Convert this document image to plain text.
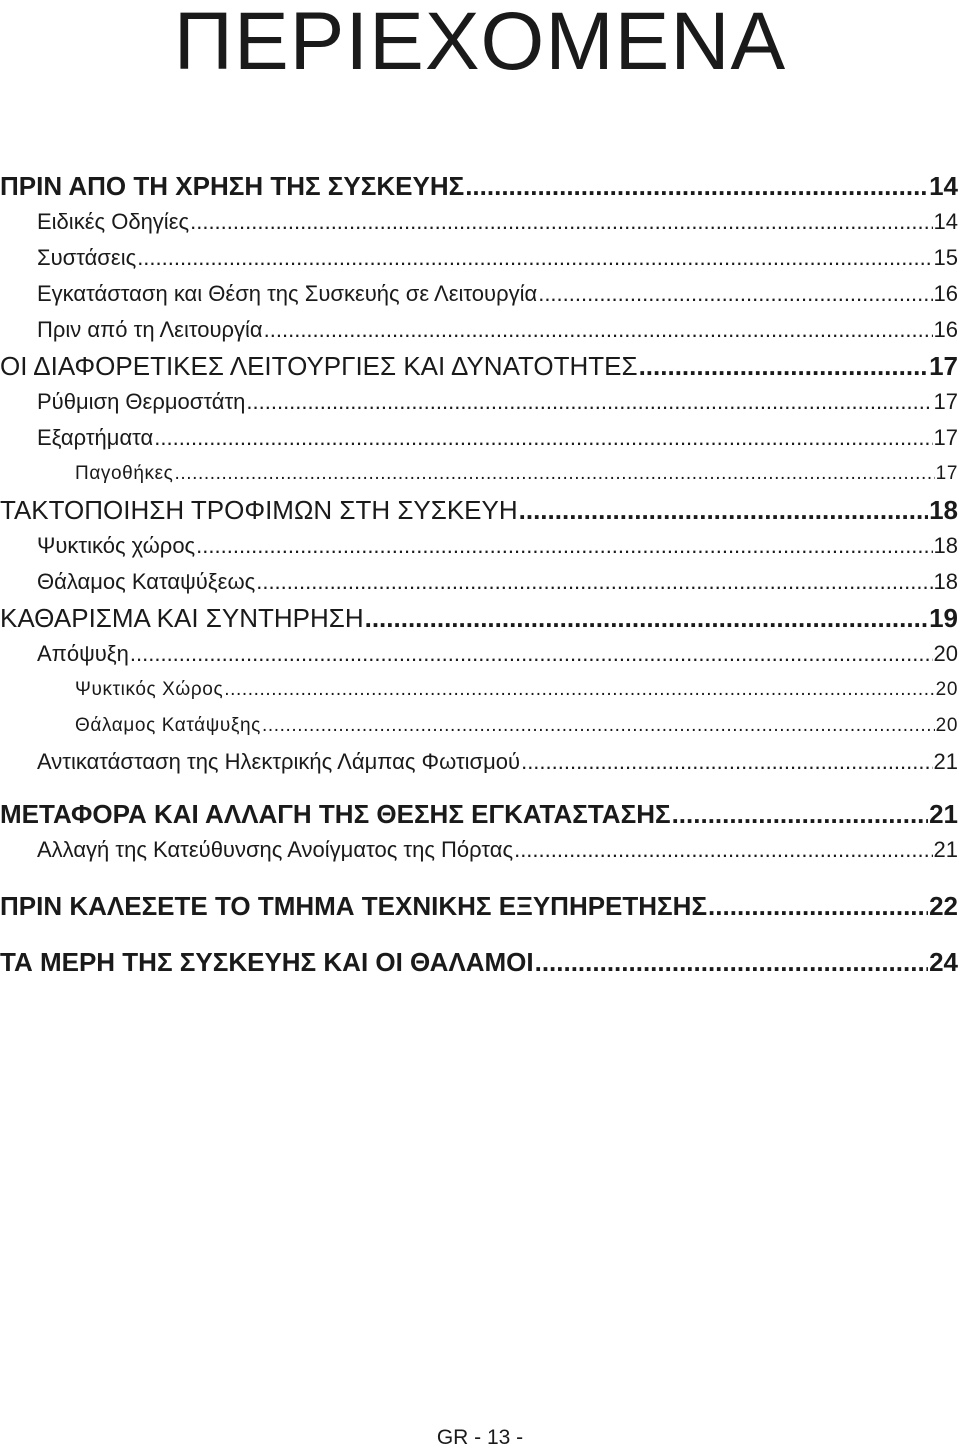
ΠΕΡΙΕΧΟΜΕΝΑ
ΠΡΙΝ ΑΠΟ ΤΗ ΧΡΗΣΗ ΤΗΣ ΣΥΣΚΕΥΗΣ .....	14
Ειδικές Οδηγίες .....	14
Συστάσεις .....	15
Εγκατάσταση και Θέση της Συσκευής σε Λειτουργία .....	16
Πριν από τη Λειτουργία .....	16
ΟΙ ΔΙΑΦΟΡΕΤΙΚΕΣ ΛΕΙΤΟΥΡΓΙΕΣ ΚΑΙ ΔΥΝΑΤΟΤΗΤΕΣ .....	17
Ρύθμιση Θερμοστάτη .....	17
Εξαρτήματα .....	17
Παγοθήκες .....	17
ΤΑΚΤΟΠΟΙΗΣΗ ΤΡΟΦΙΜΩΝ ΣΤΗ ΣΥΣΚΕΥΗ .....	18
Ψυκτικός χώρος .....	18
Θάλαμος Καταψύξεως .....	18
ΚΑΘΑΡΙΣΜΑ ΚΑΙ ΣΥΝΤΗΡΗΣΗ .....	19
Απόψυξη .....	20
Ψυκτικός Χώρος .....	20
Θάλαμος Κατάψυξης .....	20
Αντικατάσταση της Ηλεκτρικής Λάμπας Φωτισμού .....	21
ΜΕΤΑΦΟΡΑ ΚΑΙ ΑΛΛΑΓΗ ΤΗΣ ΘΕΣΗΣ ΕΓΚΑΤΑΣΤΑΣΗΣ .....	21
Αλλαγή της Κατεύθυνσης Ανοίγματος της Πόρτας .....	21
ΠΡΙΝ ΚΑΛΕΣΕΤΕ ΤΟ ΤΜΗΜΑ ΤΕΧΝΙΚΗΣ ΕΞΥΠΗΡΕΤΗΣΗΣ .....	22
ΤΑ ΜΕΡΗ ΤΗΣ ΣΥΣΚΕΥΗΣ ΚΑΙ ΟΙ ΘΑΛΑΜΟΙ .....	24
GR - 13 -
